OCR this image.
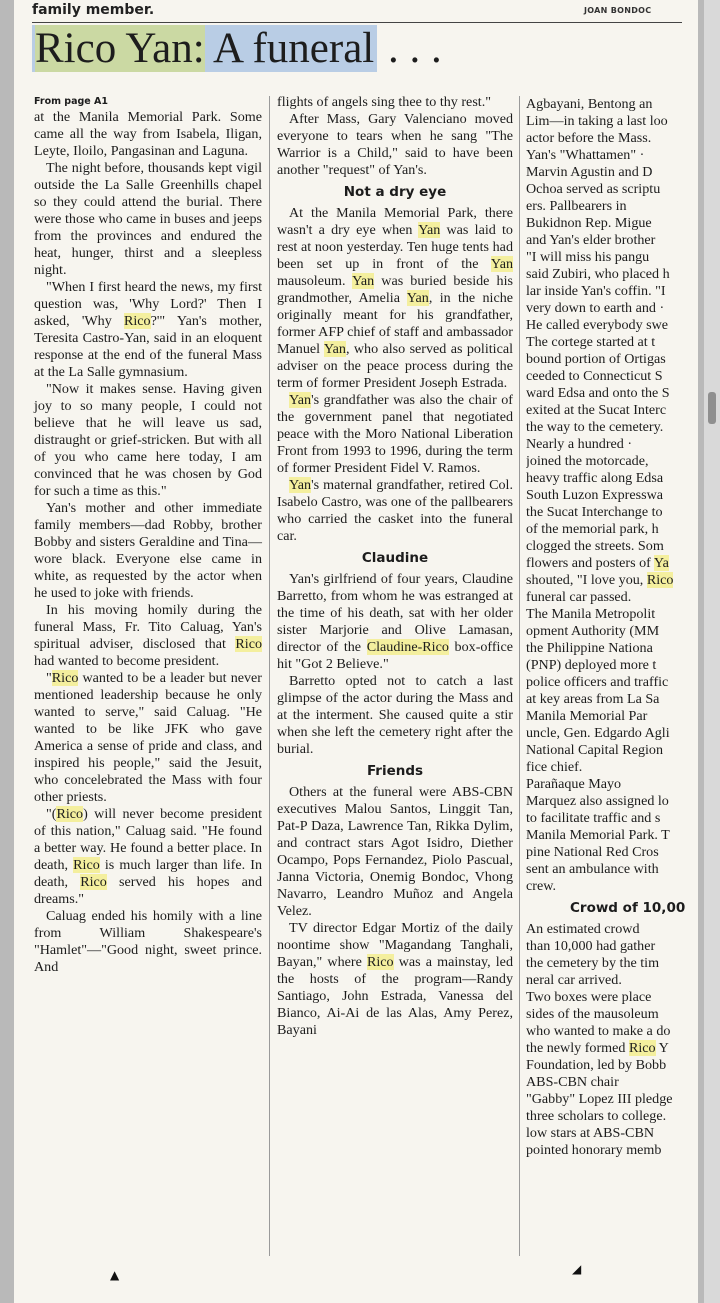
family member.	JOAN BONDOC
Rico Yan: A funeral . . .

From page A1

at the Manila Memorial Park. Some came all the way from Isabela, Iligan, Leyte, Iloilo, Pangasinan and Laguna.

The night before, thousands kept vigil outside the La Salle Greenhills chapel so they could attend the burial. There were those who came in buses and jeeps from the provinces and endured the heat, hunger, thirst and a sleepless night.

"When I first heard the news, my first question was, 'Why Lord?' Then I asked, 'Why Rico?'" Yan's mother, Teresita Castro-Yan, said in an eloquent response at the end of the funeral Mass at the La Salle gymnasium.

"Now it makes sense. Having given joy to so many people, I could not believe that he will leave us sad, distraught or grief-stricken. But with all of you who came here today, I am convinced that he was chosen by God for such a time as this."

Yan's mother and other immediate family members—dad Robby, brother Bobby and sisters Geraldine and Tina—wore black. Everyone else came in white, as requested by the actor when he used to joke with friends.

In his moving homily during the funeral Mass, Fr. Tito Caluag, Yan's spiritual adviser, disclosed that Rico had wanted to become president.

"Rico wanted to be a leader but never mentioned leadership because he only wanted to serve," said Caluag. "He wanted to be like JFK who gave America a sense of pride and class, and inspired his people," said the Jesuit, who concelebrated the Mass with four other priests.

"(Rico) will never become president of this nation," Caluag said. "He found a better way. He found a better place. In death, Rico is much larger than life. In death, Rico served his hopes and dreams."

Caluag ended his homily with a line from William Shakespeare's "Hamlet"—"Good night, sweet prince. And

flights of angels sing thee to thy rest."

After Mass, Gary Valenciano moved everyone to tears when he sang "The Warrior is a Child," said to have been another "request" of Yan's.

Not a dry eye

At the Manila Memorial Park, there wasn't a dry eye when Yan was laid to rest at noon yesterday. Ten huge tents had been set up in front of the Yan mausoleum. Yan was buried beside his grandmother, Amelia Yan, in the niche originally meant for his grandfather, former AFP chief of staff and ambassador Manuel Yan, who also served as political adviser on the peace process during the term of former President Joseph Estrada.

Yan's grandfather was also the chair of the government panel that negotiated peace with the Moro National Liberation Front from 1993 to 1996, during the term of former President Fidel V. Ramos.

Yan's maternal grandfather, retired Col. Isabelo Castro, was one of the pallbearers who carried the casket into the funeral car.

Claudine

Yan's girlfriend of four years, Claudine Barretto, from whom he was estranged at the time of his death, sat with her older sister Marjorie and Olive Lamasan, director of the Claudine-Rico box-office hit "Got 2 Believe."

Barretto opted not to catch a last glimpse of the actor during the Mass and at the interment. She caused quite a stir when she left the cemetery right after the burial.

Friends

Others at the funeral were ABS-CBN executives Malou Santos, Linggit Tan, Pat-P Daza, Lawrence Tan, Rikka Dylim, and contract stars Agot Isidro, Diether Ocampo, Pops Fernandez, Piolo Pascual, Janna Victoria, Onemig Bondoc, Vhong Navarro, Leandro Muñoz and Angela Velez.

TV director Edgar Mortiz of the daily noontime show "Magandang Tanghali, Bayan," where Rico was a mainstay, led the hosts of the program—Randy Santiago, John Estrada, Vanessa del Bianco, Ai-Ai de las Alas, Amy Perez, Bayani

Agbayani, Bentong an

Lim—in taking a last loo

actor before the Mass.

Yan's "Whattamen" ·

Marvin Agustin and D

Ochoa served as scriptu

ers. Pallbearers in

Bukidnon Rep. Migue

and Yan's elder brother

"I will miss his pangu

said Zubiri, who placed h

lar inside Yan's coffin. "I

very down to earth and ·

He called everybody swe

The cortege started at t

bound portion of Ortigas

ceeded to Connecticut S

ward Edsa and onto the S

exited at the Sucat Interc

the way to the cemetery.

Nearly a hundred ·

joined the motorcade,

heavy traffic along Edsa

South Luzon Expresswa

the Sucat Interchange to

of the memorial park, h

clogged the streets. Som

flowers and posters of Ya

shouted, "I love you, Rico

funeral car passed.

The Manila Metropolit

opment Authority (MM

the Philippine Nationa

(PNP) deployed more t

police officers and traffic

at key areas from La Sa

Manila Memorial Par

uncle, Gen. Edgardo Agli

National Capital Region

fice chief.

Parañaque Mayo

Marquez also assigned lo

to facilitate traffic and s

Manila Memorial Park. T

pine National Red Cros

sent an ambulance with

crew.

Crowd of 10,00

An estimated crowd

than 10,000 had gather

the cemetery by the tim

neral car arrived.

Two boxes were place

sides of the mausoleum

who wanted to make a do

the newly formed Rico Y

Foundation, led by Bobb

ABS-CBN chair

"Gabby" Lopez III pledge

three scholars to college.

low stars at ABS-CBN

pointed honorary memb

▲	◢
